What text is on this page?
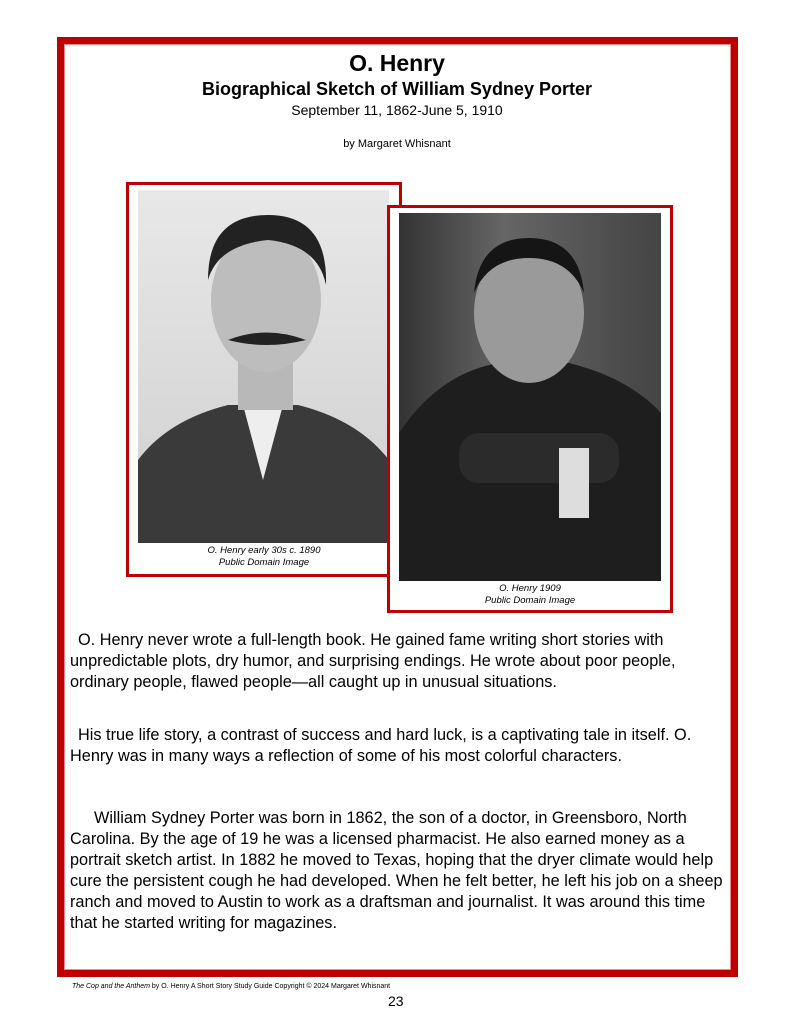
O. Henry
Biographical Sketch of William Sydney Porter
September 11, 1862-June 5, 1910
by Margaret Whisnant
O. Henry early 30s c. 1890
Public Domain Image
O. Henry 1909
Public Domain Image
O. Henry never wrote a full-length book. He gained fame writing short stories with unpredictable plots, dry humor, and surprising endings. He wrote about poor people, ordinary people, flawed people—all caught up in unusual situations.
His true life story, a contrast of success and hard luck, is a captivating tale in itself. O. Henry was in many ways a reflection of some of his most colorful characters.
William Sydney Porter was born in 1862, the son of a doctor, in Greensboro, North Carolina. By the age of 19 he was a licensed pharmacist. He also earned money as a portrait sketch artist. In 1882 he moved to Texas, hoping that the dryer climate would help cure the persistent cough he had developed. When he felt better, he left his job on a sheep ranch and moved to Austin to work as a draftsman and journalist. It was around this time that he started writing for magazines.
The Cop and the Anthem by O. Henry A Short Story Study Guide Copyright © 2024 Margaret Whisnant
23
